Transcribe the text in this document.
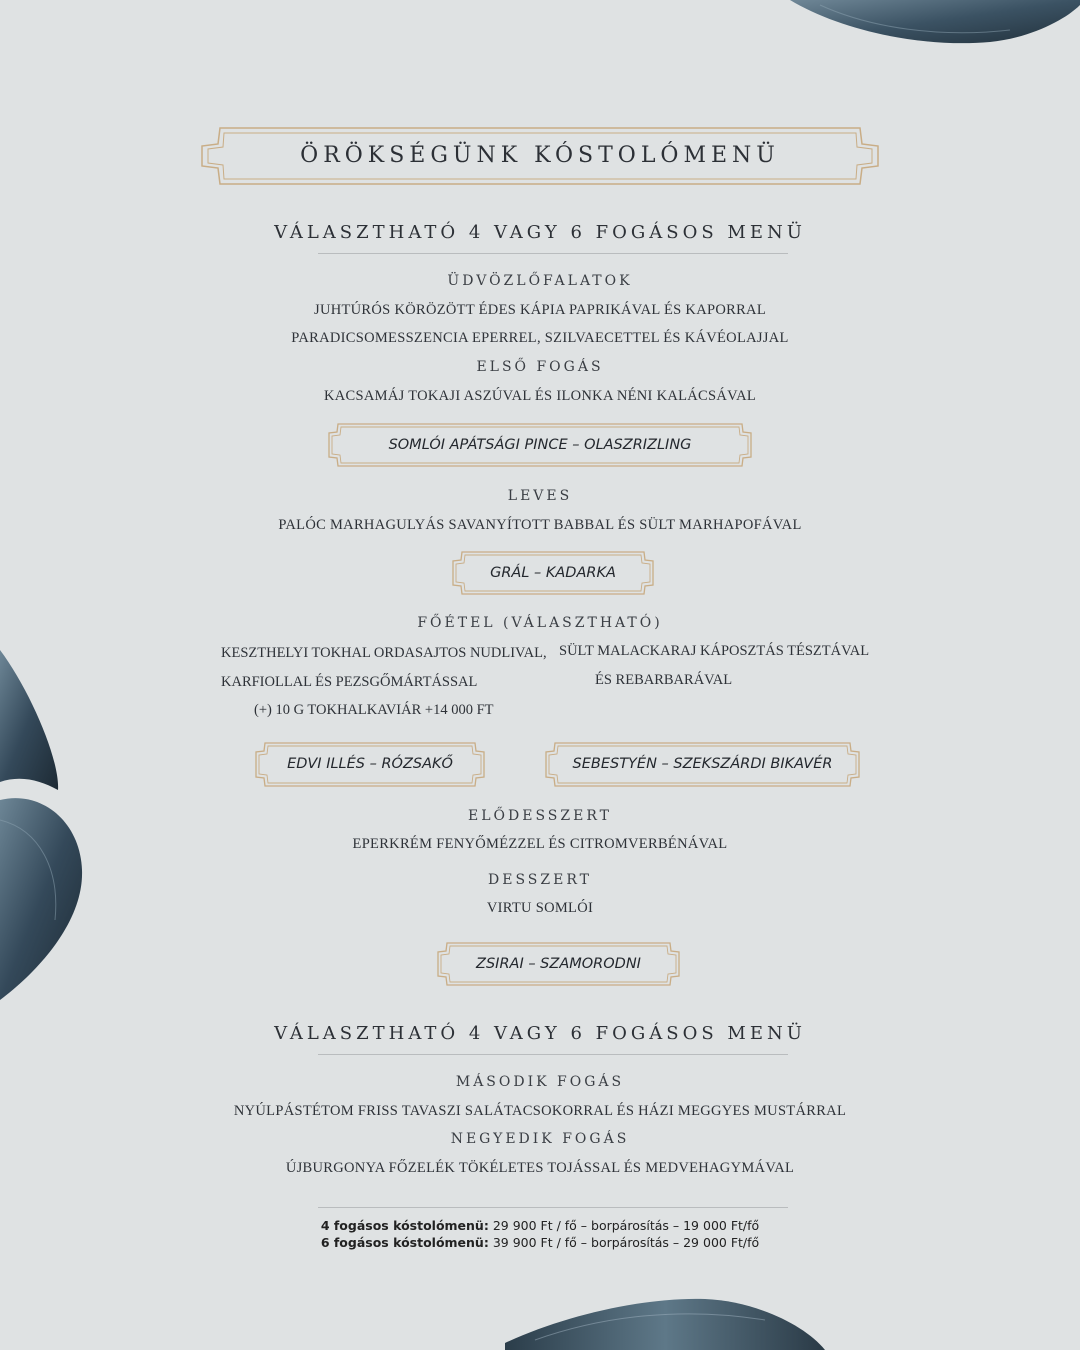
ÖRÖKSÉGÜNK KÓSTOLÓMENÜ

VÁLASZTHATÓ 4 VAGY 6 FOGÁSOS MENÜ

ÜDVÖZLŐFALATOK

JUHTÚRÓS KÖRÖZÖTT ÉDES KÁPIA PAPRIKÁVAL ÉS KAPORRAL

PARADICSOMESSZENCIA EPERREL, SZILVAECETTEL ÉS KÁVÉOLAJJAL

ELSŐ FOGÁS

KACSAMÁJ TOKAJI ASZÚVAL ÉS ILONKA NÉNI KALÁCSÁVAL

SOMLÓI APÁTSÁGI PINCE – OLASZRIZLING

LEVES

PALÓC MARHAGULYÁS SAVANYÍTOTT BABBAL ÉS SÜLT MARHAPOFÁVAL

GRÁL – KADARKA

FŐÉTEL (VÁLASZTHATÓ)

KESZTHELYI TOKHAL ORDASAJTOS NUDLIVAL,

KARFIOLLAL ÉS PEZSGŐMÁRTÁSSAL

(+) 10 G TOKHALKAVIÁR +14 000 FT

SÜLT MALACKARAJ KÁPOSZTÁS TÉSZTÁVAL

ÉS REBARBARÁVAL

EDVI ILLÉS – RÓZSAKŐ	SEBESTYÉN – SZEKSZÁRDI BIKAVÉR

ELŐDESSZERT

EPERKRÉM FENYŐMÉZZEL ÉS CITROMVERBÉNÁVAL

DESSZERT

VIRTU SOMLÓI

ZSIRAI – SZAMORODNI

VÁLASZTHATÓ 4 VAGY 6 FOGÁSOS MENÜ

MÁSODIK FOGÁS

NYÚLPÁSTÉTOM FRISS TAVASZI SALÁTACSOKORRAL ÉS HÁZI MEGGYES MUSTÁRRAL

NEGYEDIK FOGÁS

ÚJBURGONYA FŐZELÉK TÖKÉLETES TOJÁSSAL ÉS MEDVEHAGYMÁVAL

4 fogásos kóstolómenü: 29 900 Ft / fő – borpárosítás – 19 000 Ft/fő

6 fogásos kóstolómenü: 39 900 Ft / fő – borpárosítás – 29 000 Ft/fő
